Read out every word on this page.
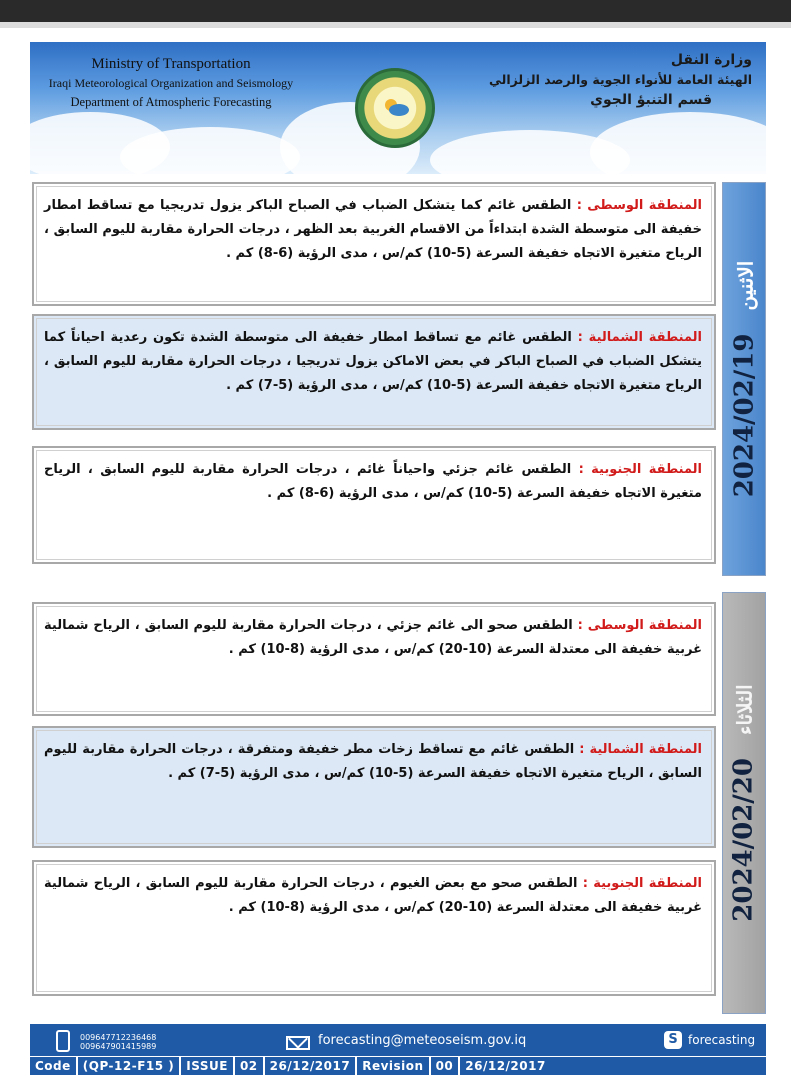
Ministry of Transportation
Iraqi Meteorological Organization and Seismology
Department of Atmospheric Forecasting
وزارة النقل
الهيئة العامة للأنواء الجوية والرصد الزلزالي
قسم التنبؤ الجوي
الاثنين 2024/02/19
المنطقة الوسطى : الطقس غائم كما يتشكل الضباب في الصباح الباكر يزول تدريجيا مع تساقط امطار خفيفة الى متوسطة الشدة ابتداءاً من الاقسام الغربية بعد الظهر ، درجات الحرارة مقاربة لليوم السابق ، الرياح متغيرة الاتجاه خفيفة السرعة (5-10) كم/س ، مدى الرؤية (6-8) كم .
المنطقة الشمالية : الطقس غائم مع تساقط امطار خفيفة الى متوسطة الشدة تكون رعدية احياناً كما يتشكل الضباب في الصباح الباكر في بعض الاماكن يزول تدريجيا ، درجات الحرارة مقاربة لليوم السابق ، الرياح متغيرة الاتجاه خفيفة السرعة (5-10) كم/س ، مدى الرؤية (5-7) كم .
المنطقة الجنوبية : الطقس غائم جزئي واحياناً غائم ، درجات الحرارة مقاربة لليوم السابق ، الرياح متغيرة الاتجاه خفيفة السرعة (5-10) كم/س ، مدى الرؤية (6-8) كم .
الثلاثاء 2024/02/20
المنطقة الوسطى : الطقس صحو الى غائم جزئي ، درجات الحرارة مقاربة لليوم السابق ، الرياح شمالية غربية خفيفة الى معتدلة السرعة (10-20) كم/س ، مدى الرؤية (8-10) كم .
المنطقة الشمالية : الطقس غائم مع تساقط زخات مطر خفيفة ومتفرقة ، درجات الحرارة مقاربة لليوم السابق ، الرياح متغيرة الاتجاه خفيفة السرعة (5-10) كم/س ، مدى الرؤية (5-7) كم .
المنطقة الجنوبية : الطقس صحو مع بعض الغيوم ، درجات الحرارة مقاربة لليوم السابق ، الرياح شمالية غربية خفيفة الى معتدلة السرعة (10-20) كم/س ، مدى الرؤية (8-10) كم .
009647712236468
009647901415989	forecasting@meteoseism.gov.iq	S forecasting
Code	(QP-12-F15 )	ISSUE	02	26/12/2017	Revision	00	26/12/2017
